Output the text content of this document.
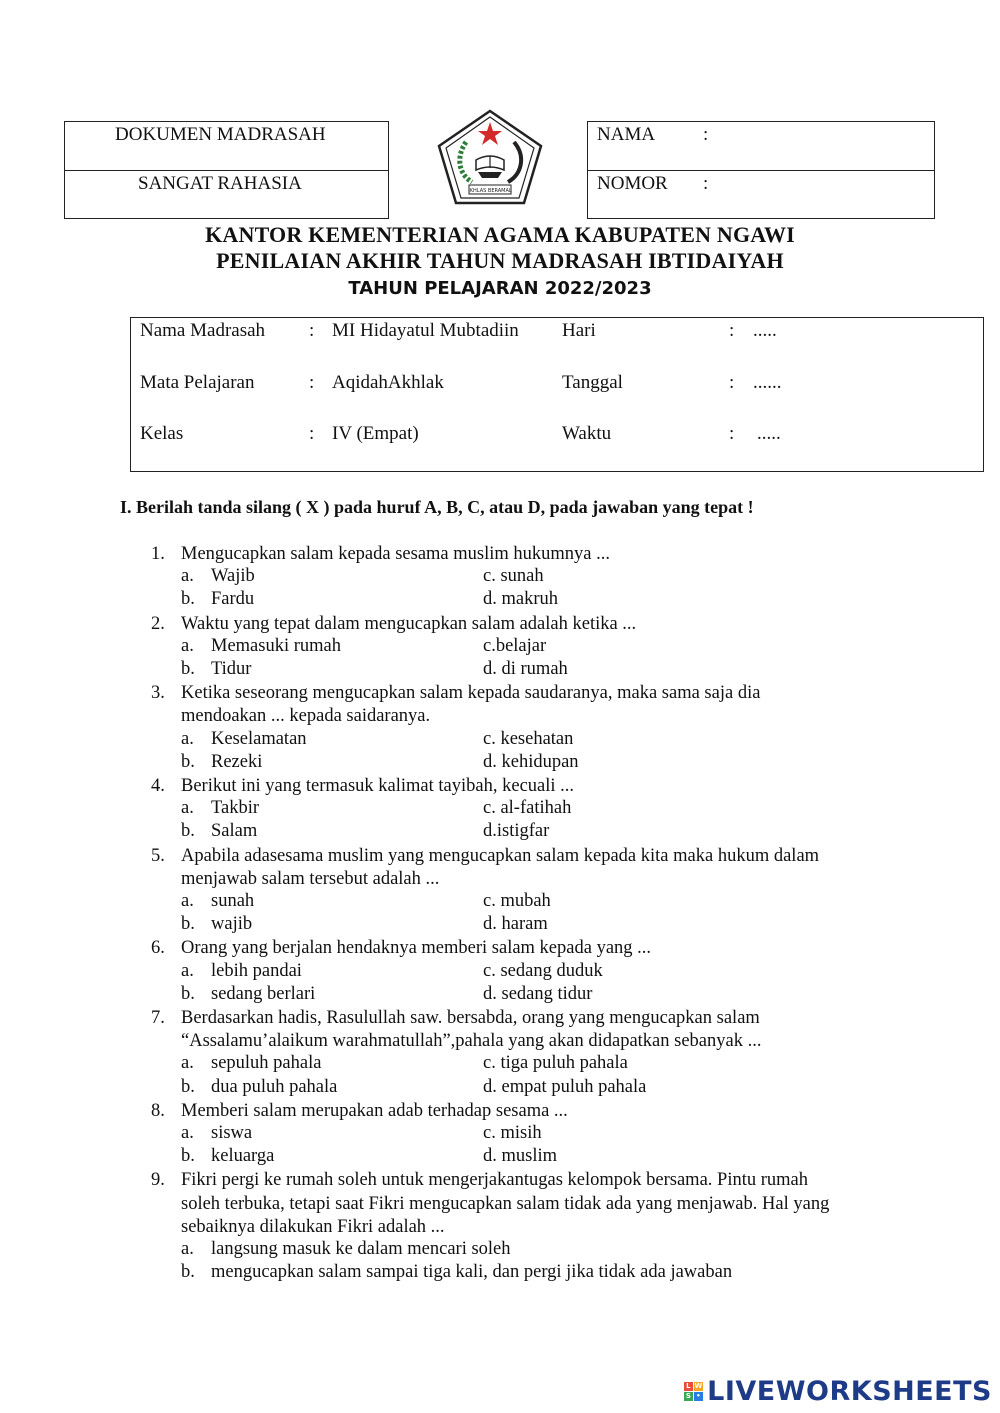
DOKUMEN MADRASAH
SANGAT RAHASIA	IKHLAS BERAMAL
NAMA	:
NOMOR :
KANTOR KEMENTERIAN AGAMA KABUPATEN NGAWI
PENILAIAN AKHIR TAHUN MADRASAH IBTIDAIYAH
TAHUN PELAJARAN 2022/2023
Nama Madrasah : MI Hidayatul Mubtadiin Hari	: .....
Mata Pelajaran	: AqidahAkhlak	Tanggal	: ......
Kelas	: IV (Empat)	Waktu	: .....
I. Berilah tanda silang ( X ) pada huruf A, B, C, atau D, pada jawaban yang tepat !
1. Mengucapkan salam kepada sesama muslim hukumnya ...
a. Wajib	c. sunah
b. Fardu	d. makruh
2. Waktu yang tepat dalam mengucapkan salam adalah ketika ...
a. Memasuki rumah	c.belajar
b. Tidur	d. di rumah
3. Ketika seseorang mengucapkan salam kepada saudaranya, maka sama saja dia
mendoakan ... kepada saidaranya.
a. Keselamatan	c. kesehatan
b. Rezeki	d. kehidupan
4. Berikut ini yang termasuk kalimat tayibah, kecuali ...
a. Takbir	c. al-fatihah
b. Salam	d.istigfar
5. Apabila adasesama muslim yang mengucapkan salam kepada kita maka hukum dalam
menjawab salam tersebut adalah ...
a. sunah	c. mubah
b. wajib	d. haram
6. Orang yang berjalan hendaknya memberi salam kepada yang ...
a. lebih pandai	c. sedang duduk
b. sedang berlari	d. sedang tidur
7. Berdasarkan hadis, Rasulullah saw. bersabda, orang yang mengucapkan salam
“Assalamu’alaikum warahmatullah”,pahala yang akan didapatkan sebanyak ...
a. sepuluh pahala	c. tiga puluh pahala
b. dua puluh pahala	d. empat puluh pahala
8. Memberi salam merupakan adab terhadap sesama ...
a. siswa	c. misih
b. keluarga	d. muslim
9. Fikri pergi ke rumah soleh untuk mengerjakantugas kelompok bersama. Pintu rumah
soleh terbuka, tetapi saat Fikri mengucapkan salam tidak ada yang menjawab. Hal yang
sebaiknya dilakukan Fikri adalah ...
a. langsung masuk ke dalam mencari soleh
b. mengucapkan salam sampai tiga kali, dan pergi jika tidak ada jawaban
L W
S • LIVEWORKSHEETS
